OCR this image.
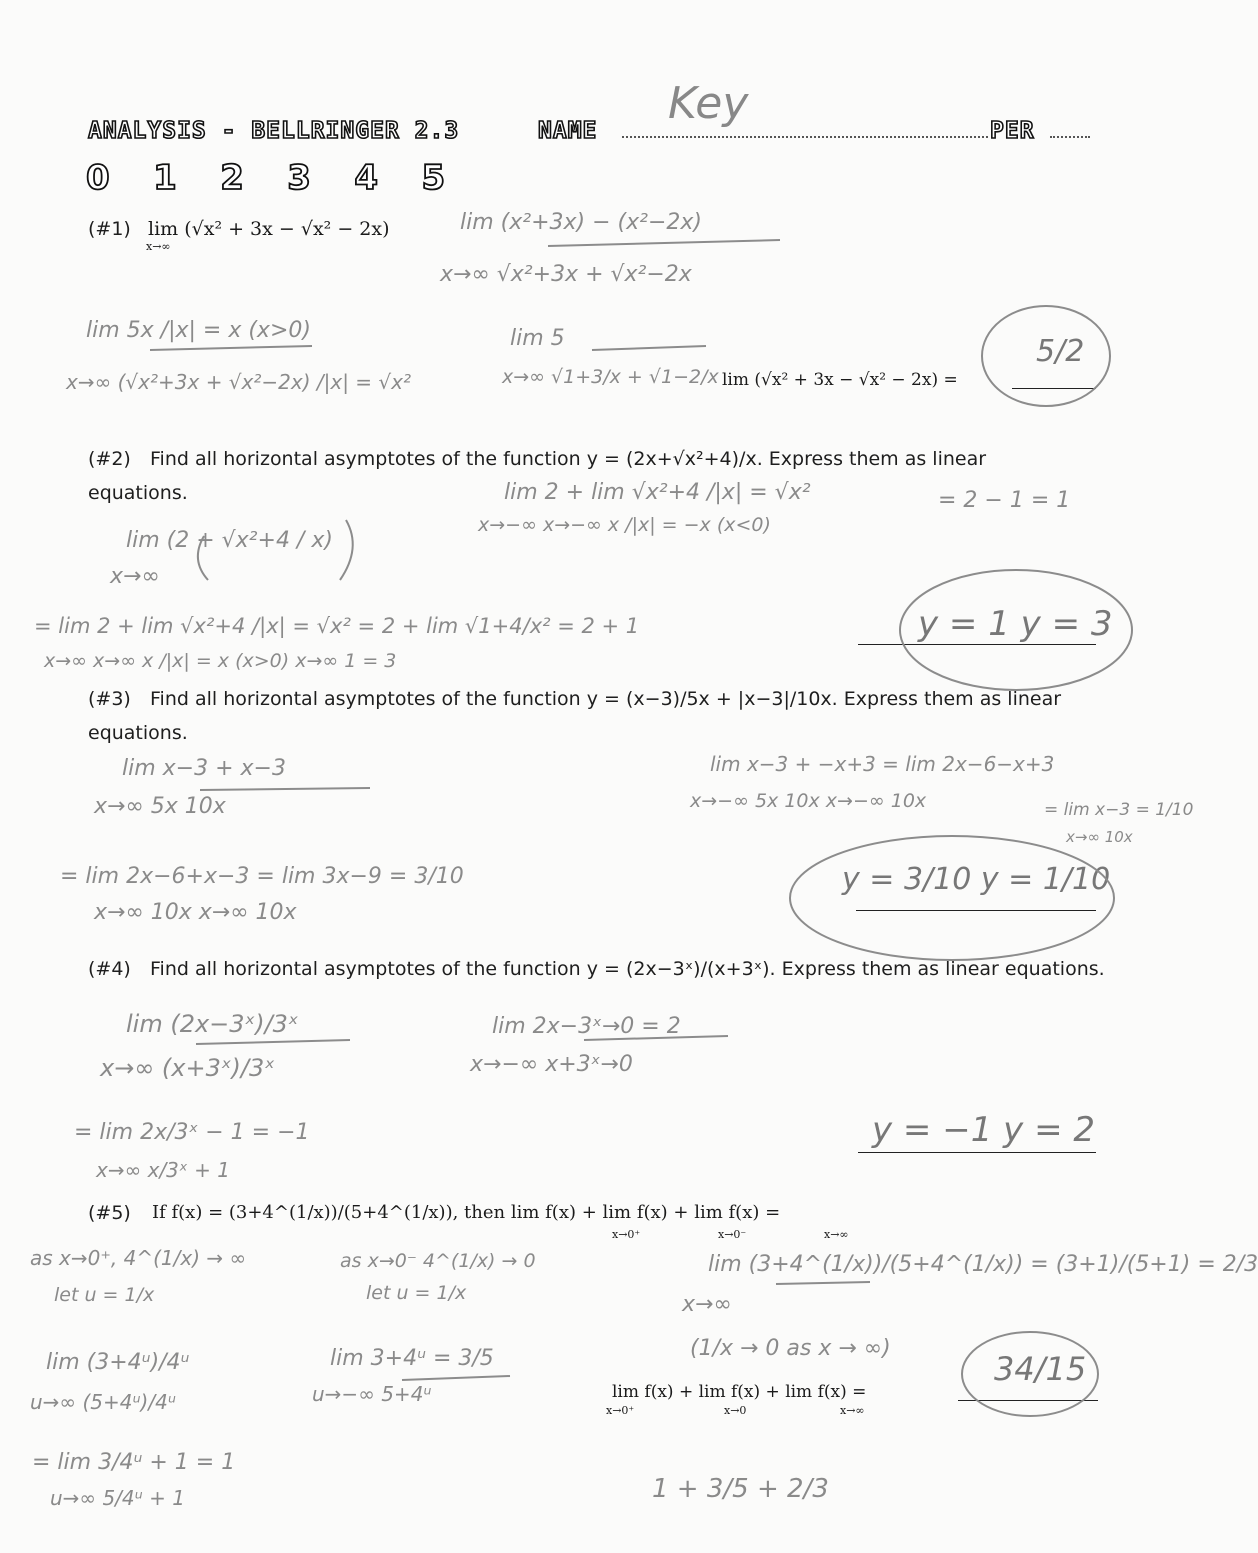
ANALYSIS - BELLRINGER 2.3	NAME
Key
PER
0 1 2 3 4 5
(#1) lim (√x² + 3x − √x² − 2x)
x→∞
lim (x²+3x) − (x²−2x)
x→∞ √x²+3x + √x²−2x
lim 5x /|x| = x (x>0)
x→∞ (√x²+3x + √x²−2x) /|x| = √x²
lim 5
x→∞ √1+3/x + √1−2/x lim (√x² + 3x − √x² − 2x) =
5/2
(#2) Find all horizontal asymptotes of the function y = (2x+√x²+4)/x. Express them as linear
equations.	lim 2 + lim √x²+4 /|x| = √x²
x→−∞ x→−∞ x /|x| = −x (x<0)
= 2 − 1 = 1
lim (2 + √x²+4 / x)
x→∞
= lim 2 + lim √x²+4 /|x| = √x² = 2 + lim √1+4/x² = 2 + 1
x→∞ x→∞ x /|x| = x (x>0) x→∞ 1 = 3
y = 1 y = 3
(#3) Find all horizontal asymptotes of the function y = (x−3)/5x + |x−3|/10x. Express them as linear
equations.
lim x−3 + x−3
x→∞ 5x 10x
lim x−3 + −x+3 = lim 2x−6−x+3
x→−∞ 5x 10x x→−∞ 10x	= lim x−3 = 1/10
x→∞ 10x
= lim 2x−6+x−3 = lim 3x−9 = 3/10
x→∞ 10x x→∞ 10x
y = 3/10 y = 1/10
(#4) Find all horizontal asymptotes of the function y = (2x−3ˣ)/(x+3ˣ). Express them as linear equations.
lim (2x−3ˣ)/3ˣ
x→∞ (x+3ˣ)/3ˣ
lim 2x−3ˣ→0 = 2
x→−∞ x+3ˣ→0
= lim 2x/3ˣ − 1 = −1
x→∞ x/3ˣ + 1
y = −1 y = 2
(#5) If f(x) = (3+4^(1/x))/(5+4^(1/x)), then lim f(x) + lim f(x) + lim f(x) =
x→0⁺	x→0⁻	x→∞
as x→0⁺, 4^(1/x) → ∞
let u = 1/x
as x→0⁻ 4^(1/x) → 0
let u = 1/x
lim (3+4^(1/x))/(5+4^(1/x)) = (3+1)/(5+1) = 2/3
x→∞
(1/x → 0 as x → ∞)
lim (3+4ᵘ)/4ᵘ
u→∞ (5+4ᵘ)/4ᵘ
lim 3+4ᵘ = 3/5
u→−∞ 5+4ᵘ
= lim 3/4ᵘ + 1 = 1
u→∞ 5/4ᵘ + 1	1 + 3/5 + 2/3
lim f(x) + lim f(x) + lim f(x) =
x→0⁺	x→0	x→∞
34/15
